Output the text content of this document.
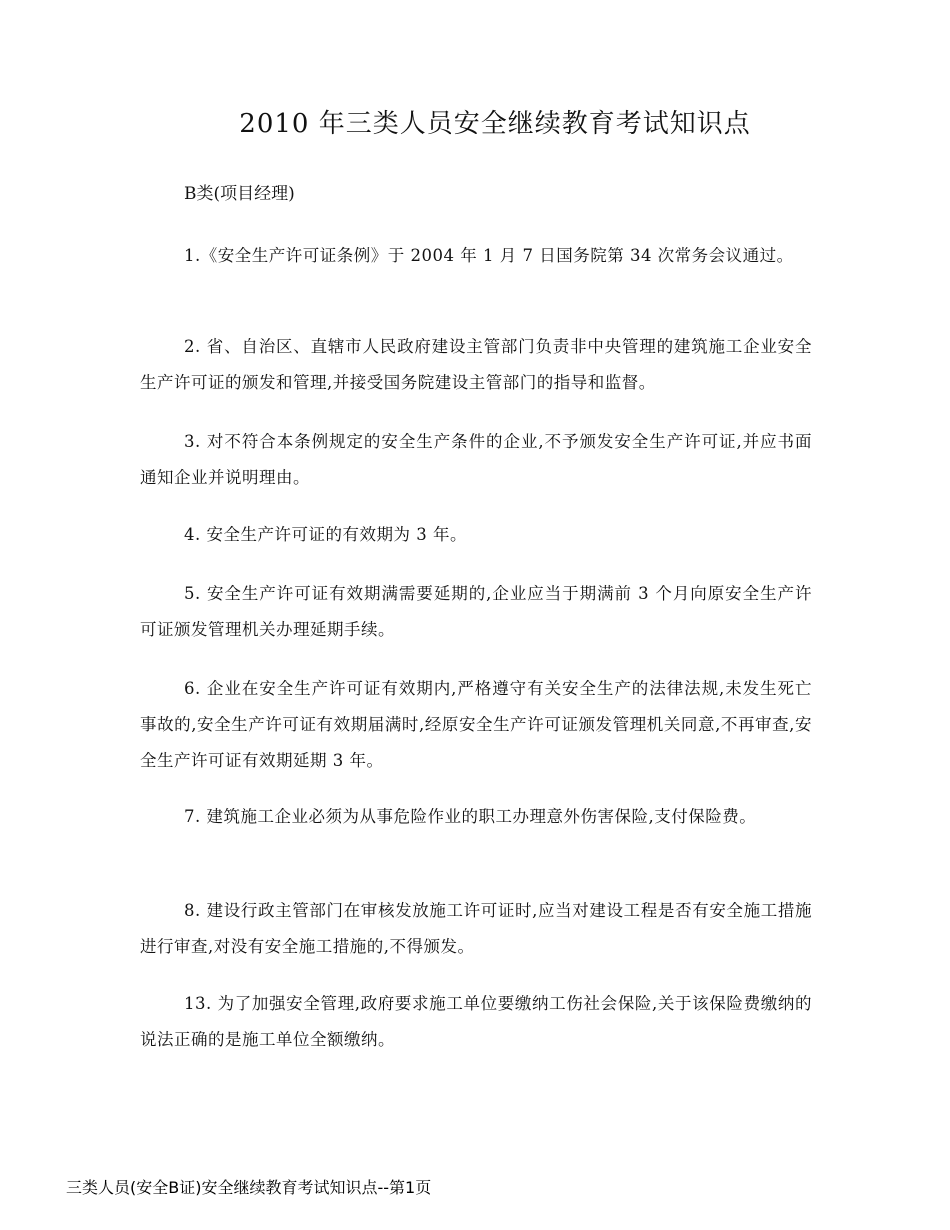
2010 年三类人员安全继续教育考试知识点
B类(项目经理)

1.《安全生产许可证条例》于 2004 年 1 月 7 日国务院第 34 次常务会议通过。

2. 省、自治区、直辖市人民政府建设主管部门负责非中央管理的建筑施工企业安全生产许可证的颁发和管理,并接受国务院建设主管部门的指导和监督。

3. 对不符合本条例规定的安全生产条件的企业,不予颁发安全生产许可证,并应书面通知企业并说明理由。

4. 安全生产许可证的有效期为 3 年。

5. 安全生产许可证有效期满需要延期的,企业应当于期满前 3 个月向原安全生产许可证颁发管理机关办理延期手续。

6. 企业在安全生产许可证有效期内,严格遵守有关安全生产的法律法规,未发生死亡事故的,安全生产许可证有效期届满时,经原安全生产许可证颁发管理机关同意,不再审查,安全生产许可证有效期延期 3 年。

7. 建筑施工企业必须为从事危险作业的职工办理意外伤害保险,支付保险费。

8. 建设行政主管部门在审核发放施工许可证时,应当对建设工程是否有安全施工措施进行审查,对没有安全施工措施的,不得颁发。

13. 为了加强安全管理,政府要求施工单位要缴纳工伤社会保险,关于该保险费缴纳的说法正确的是施工单位全额缴纳。

三类人员(安全B证)安全继续教育考试知识点--第1页
